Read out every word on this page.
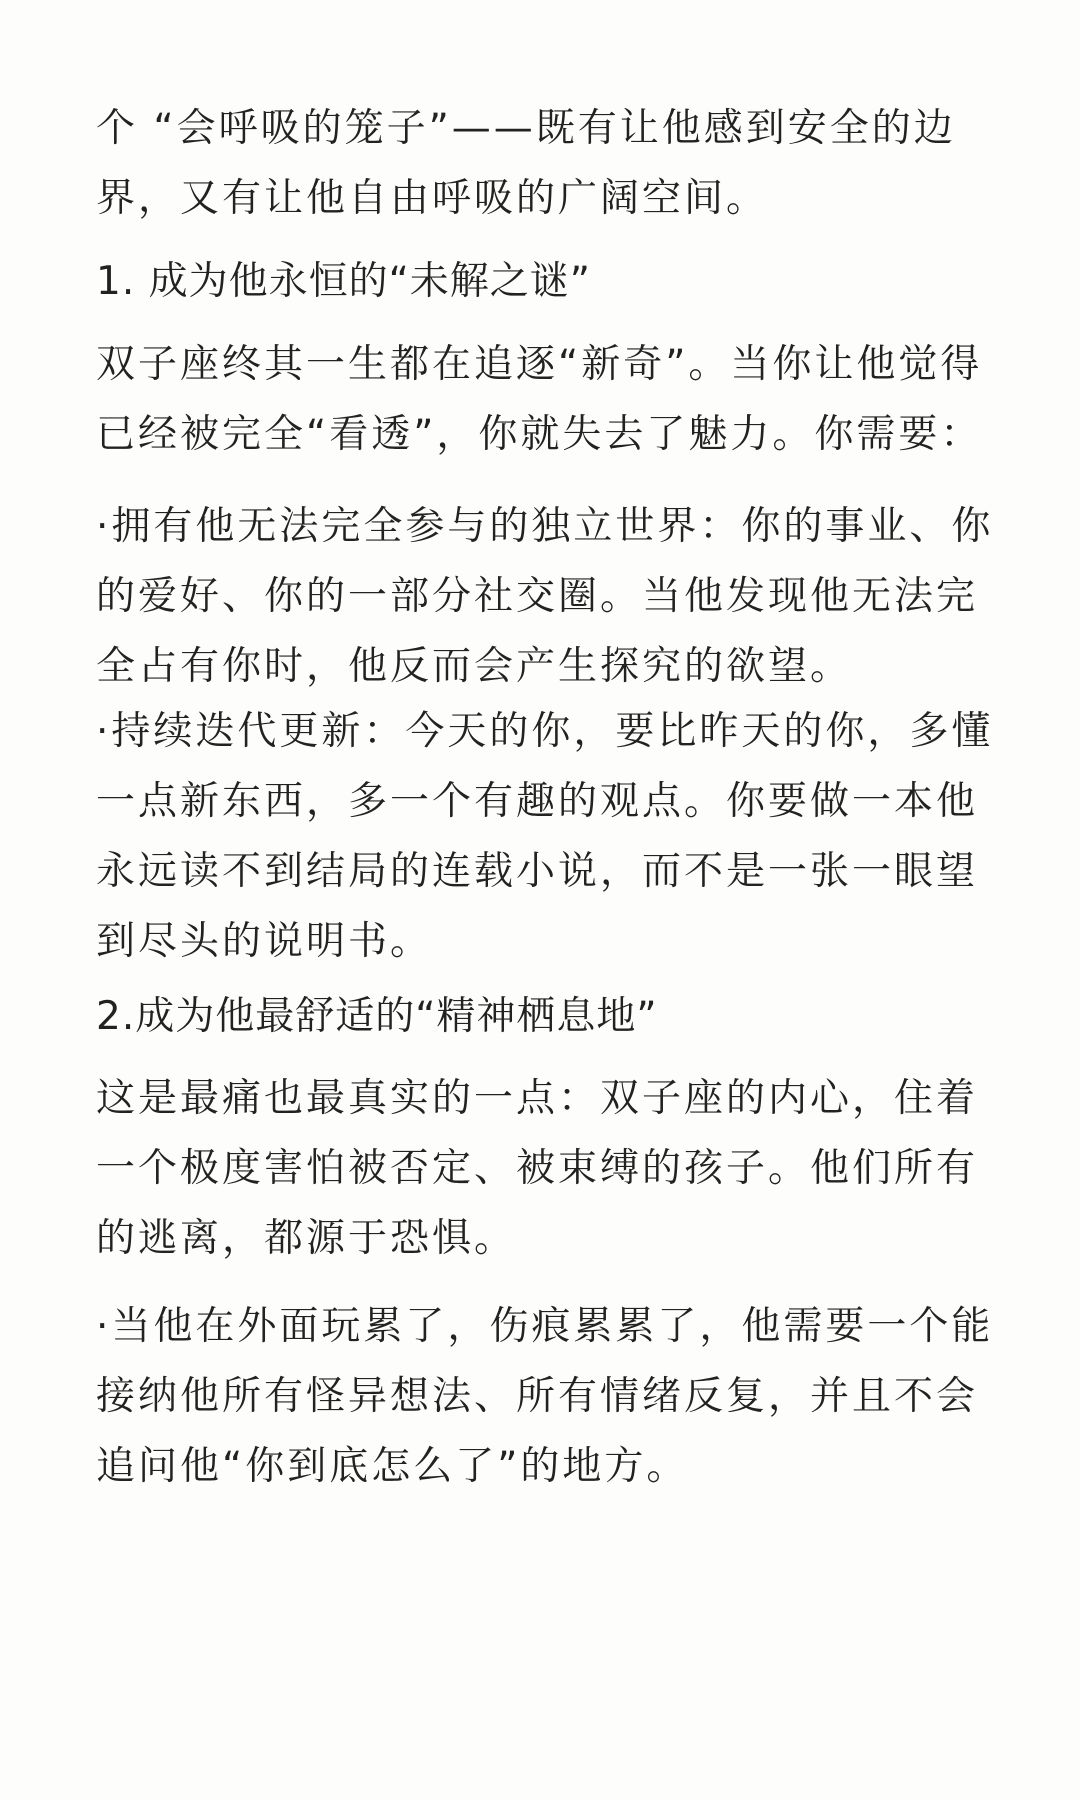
个 “会呼吸的笼子”——既有让他感到安全的边
界，又有让他自由呼吸的广阔空间。

1. 成为他永恒的“未解之谜”

双子座终其一生都在追逐“新奇”。当你让他觉得
已经被完全“看透”，你就失去了魅力。你需要：

·拥有他无法完全参与的独立世界：你的事业、你
的爱好、你的一部分社交圈。当他发现他无法完
全占有你时，他反而会产生探究的欲望。

·持续迭代更新：今天的你，要比昨天的你，多懂
一点新东西，多一个有趣的观点。你要做一本他
永远读不到结局的连载小说，而不是一张一眼望
到尽头的说明书。

2.成为他最舒适的“精神栖息地”

这是最痛也最真实的一点：双子座的内心，住着
一个极度害怕被否定、被束缚的孩子。他们所有
的逃离，都源于恐惧。

·当他在外面玩累了，伤痕累累了，他需要一个能
接纳他所有怪异想法、所有情绪反复，并且不会
追问他“你到底怎么了”的地方。
